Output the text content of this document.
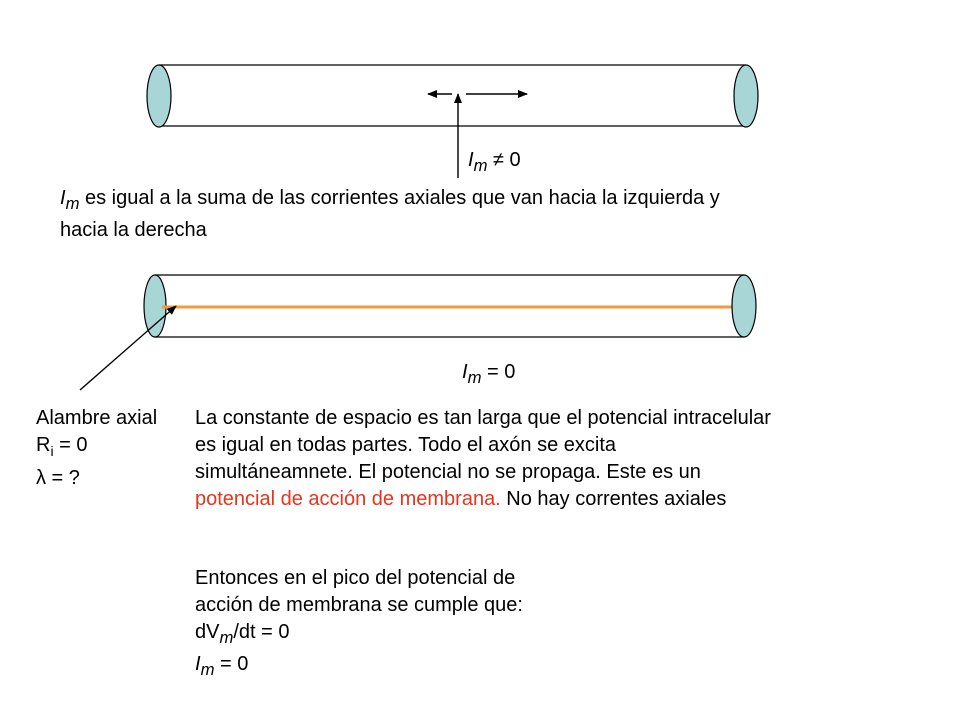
$I_m \ne 0$
$I_m$ es igual a la suma de las corrientes axiales que van hacia la izquierda y
hacia la derecha
$I_m = 0$
Alambre axial
$R_i = 0$
λ = ?
La constante de espacio es tan larga que el potencial intracelular
es igual en todas partes. Todo el axón se excita
simultáneamnete. El potencial no se propaga. Este es un
potencial de acción de membrana. No hay correntes axiales
Entonces en el pico del potencial de
acción de membrana se cumple que:
$dV_m/dt = 0$
$I_m = 0$
